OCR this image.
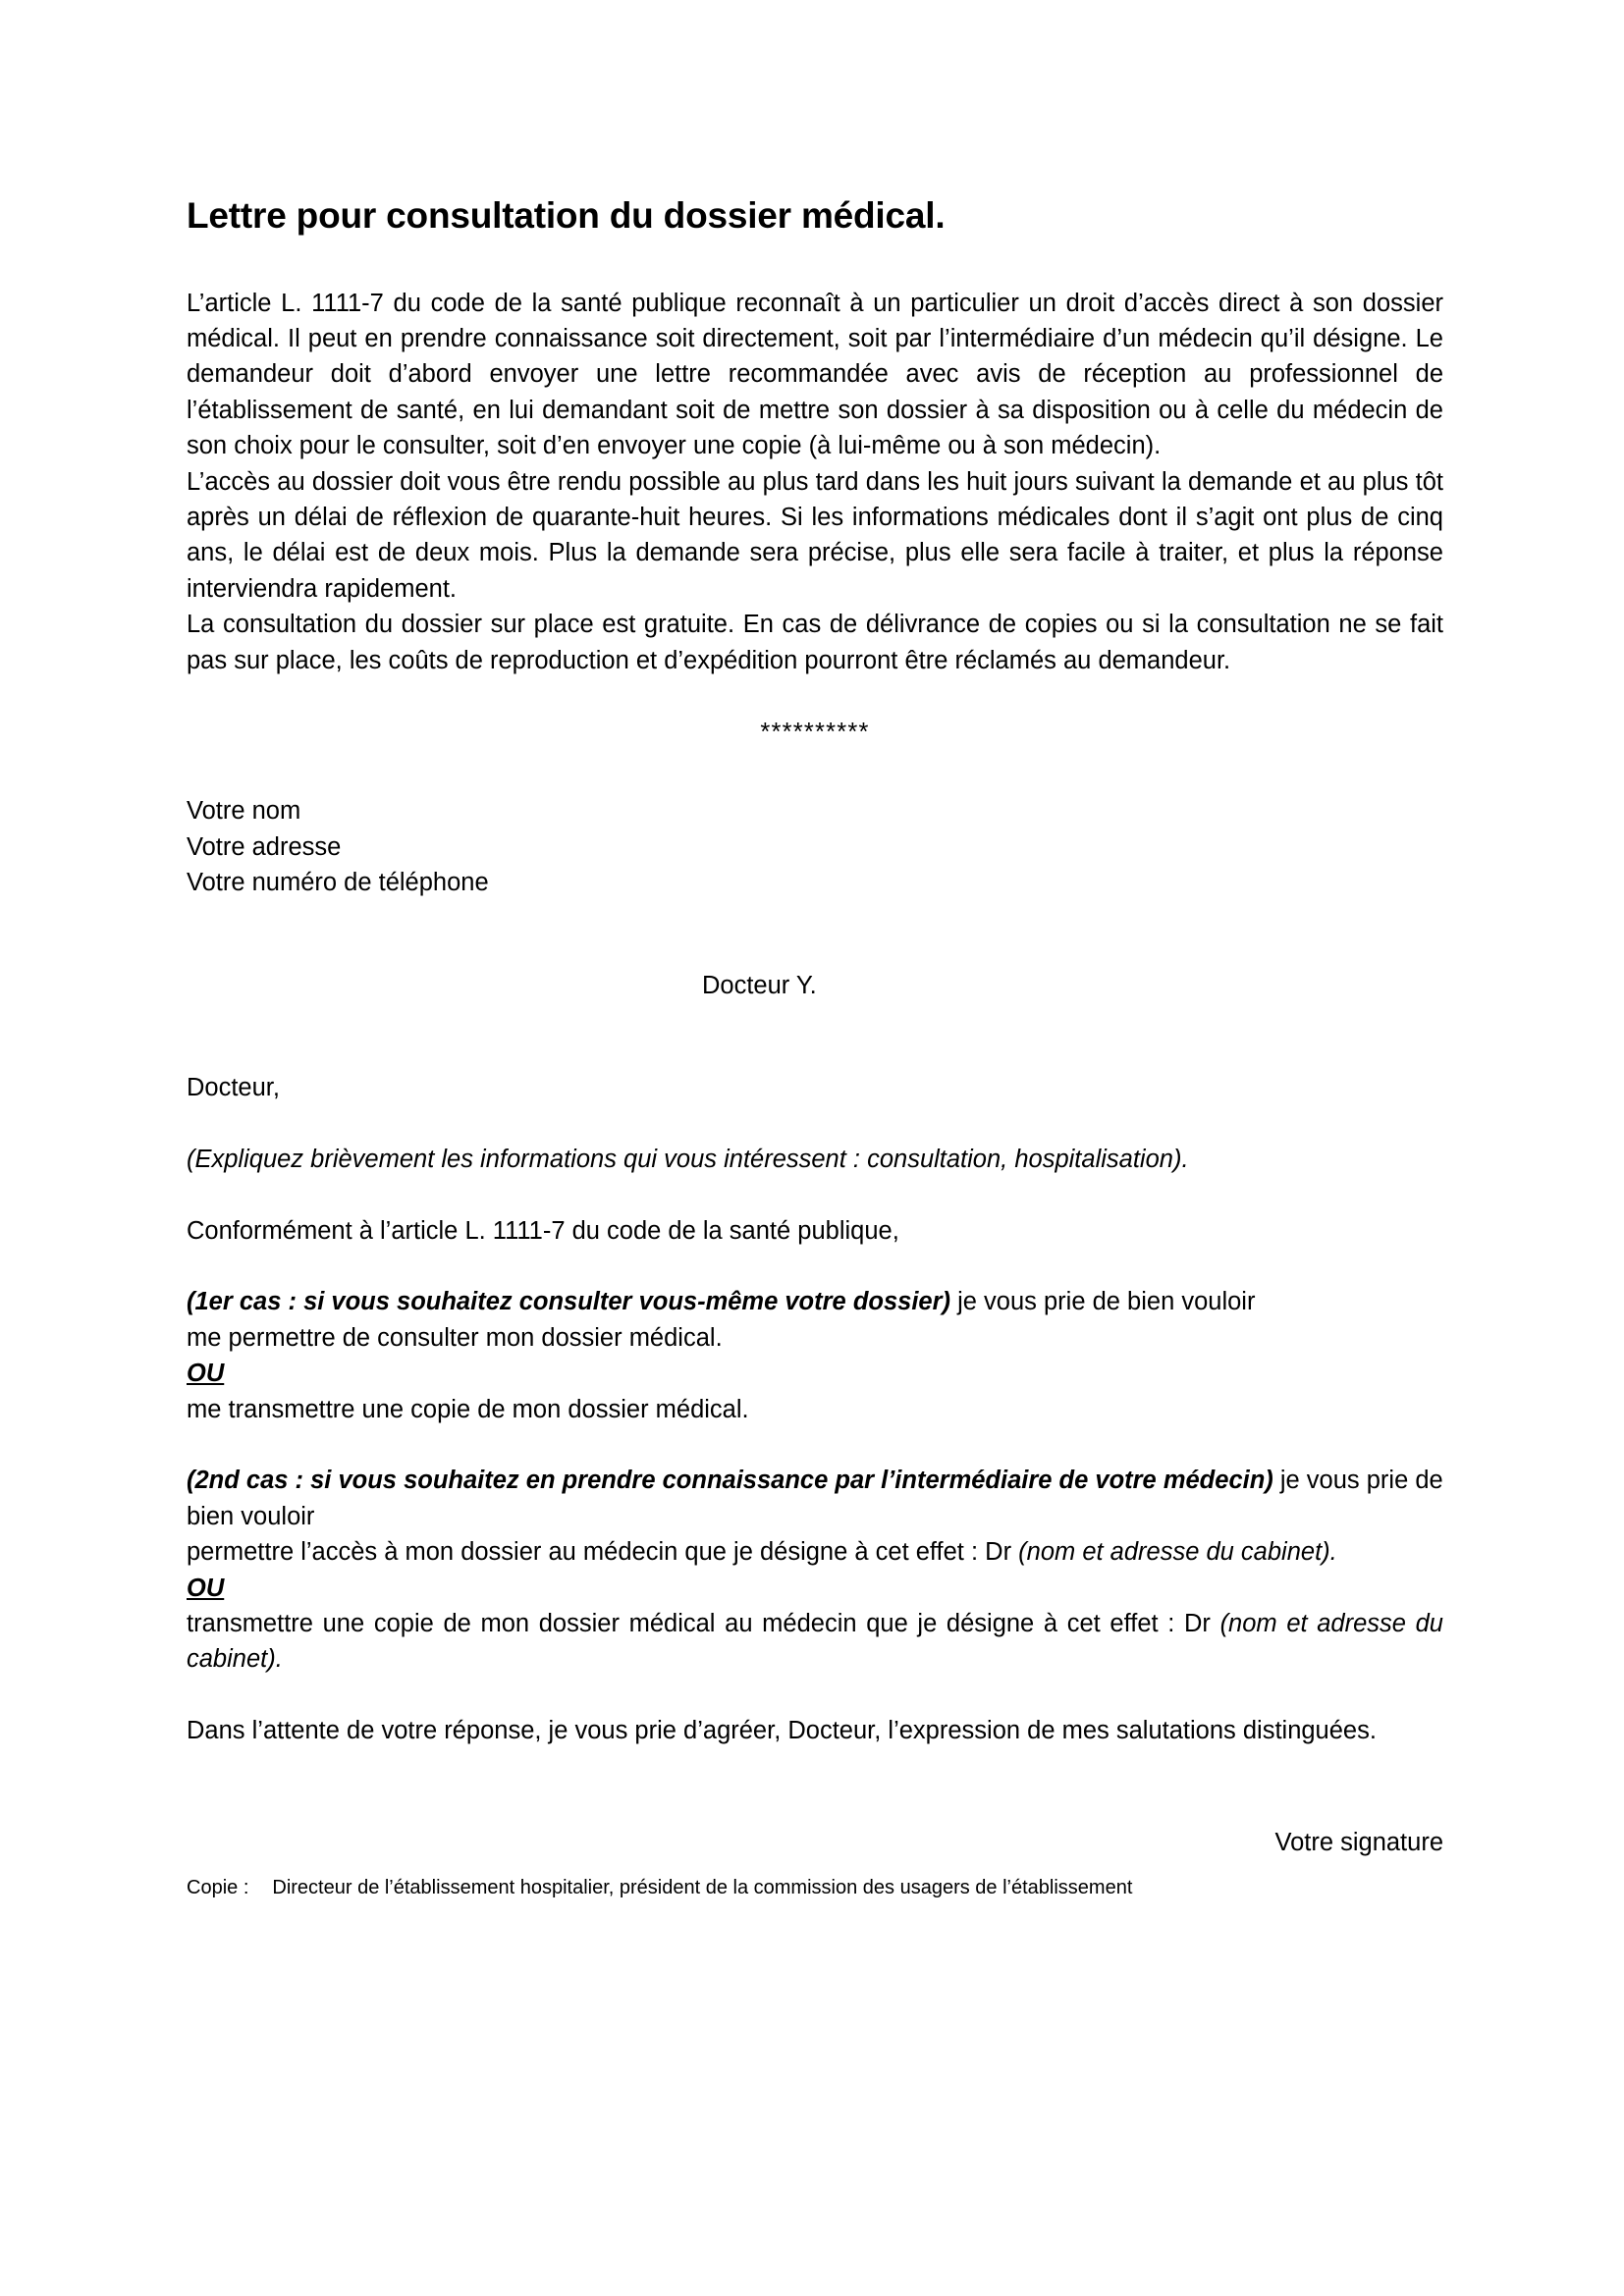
Lettre pour consultation du dossier médical.

L’article L. 1111-7 du code de la santé publique reconnaît à un particulier un droit d’accès direct à son dossier médical. Il peut en prendre connaissance soit directement, soit par l’intermédiaire d’un médecin qu’il désigne. Le demandeur doit d’abord envoyer une lettre recommandée avec avis de réception au professionnel de l’établissement de santé, en lui demandant soit de mettre son dossier à sa disposition ou à celle du médecin de son choix pour le consulter, soit d’en envoyer une copie (à lui-même ou à son médecin).

L’accès au dossier doit vous être rendu possible au plus tard dans les huit jours suivant la demande et au plus tôt après un délai de réflexion de quarante-huit heures. Si les informations médicales dont il s’agit ont plus de cinq ans, le délai est de deux mois. Plus la demande sera précise, plus elle sera facile à traiter, et plus la réponse interviendra rapidement.

La consultation du dossier sur place est gratuite. En cas de délivrance de copies ou si la consultation ne se fait pas sur place, les coûts de reproduction et d’expédition pourront être réclamés au demandeur.

**********
Votre nom
Votre adresse
Votre numéro de téléphone
Docteur Y.

Docteur,

(Expliquez brièvement les informations qui vous intéressent : consultation, hospitalisation).

Conformément à l’article L. 1111-7 du code de la santé publique,

(1er cas : si vous souhaitez consulter vous-même votre dossier) je vous prie de bien vouloir

me permettre de consulter mon dossier médical.

OU

me transmettre une copie de mon dossier médical.

(2nd cas : si vous souhaitez en prendre connaissance par l’intermédiaire de votre médecin) je vous prie de bien vouloir

permettre l’accès à mon dossier au médecin que je désigne à cet effet : Dr (nom et adresse du cabinet).

OU

transmettre une copie de mon dossier médical au médecin que je désigne à cet effet : Dr (nom et adresse du cabinet).

Dans l’attente de votre réponse, je vous prie d’agréer, Docteur, l’expression de mes salutations distinguées.

Votre signature
Copie : Directeur de l’établissement hospitalier, président de la commission des usagers de l’établissement
